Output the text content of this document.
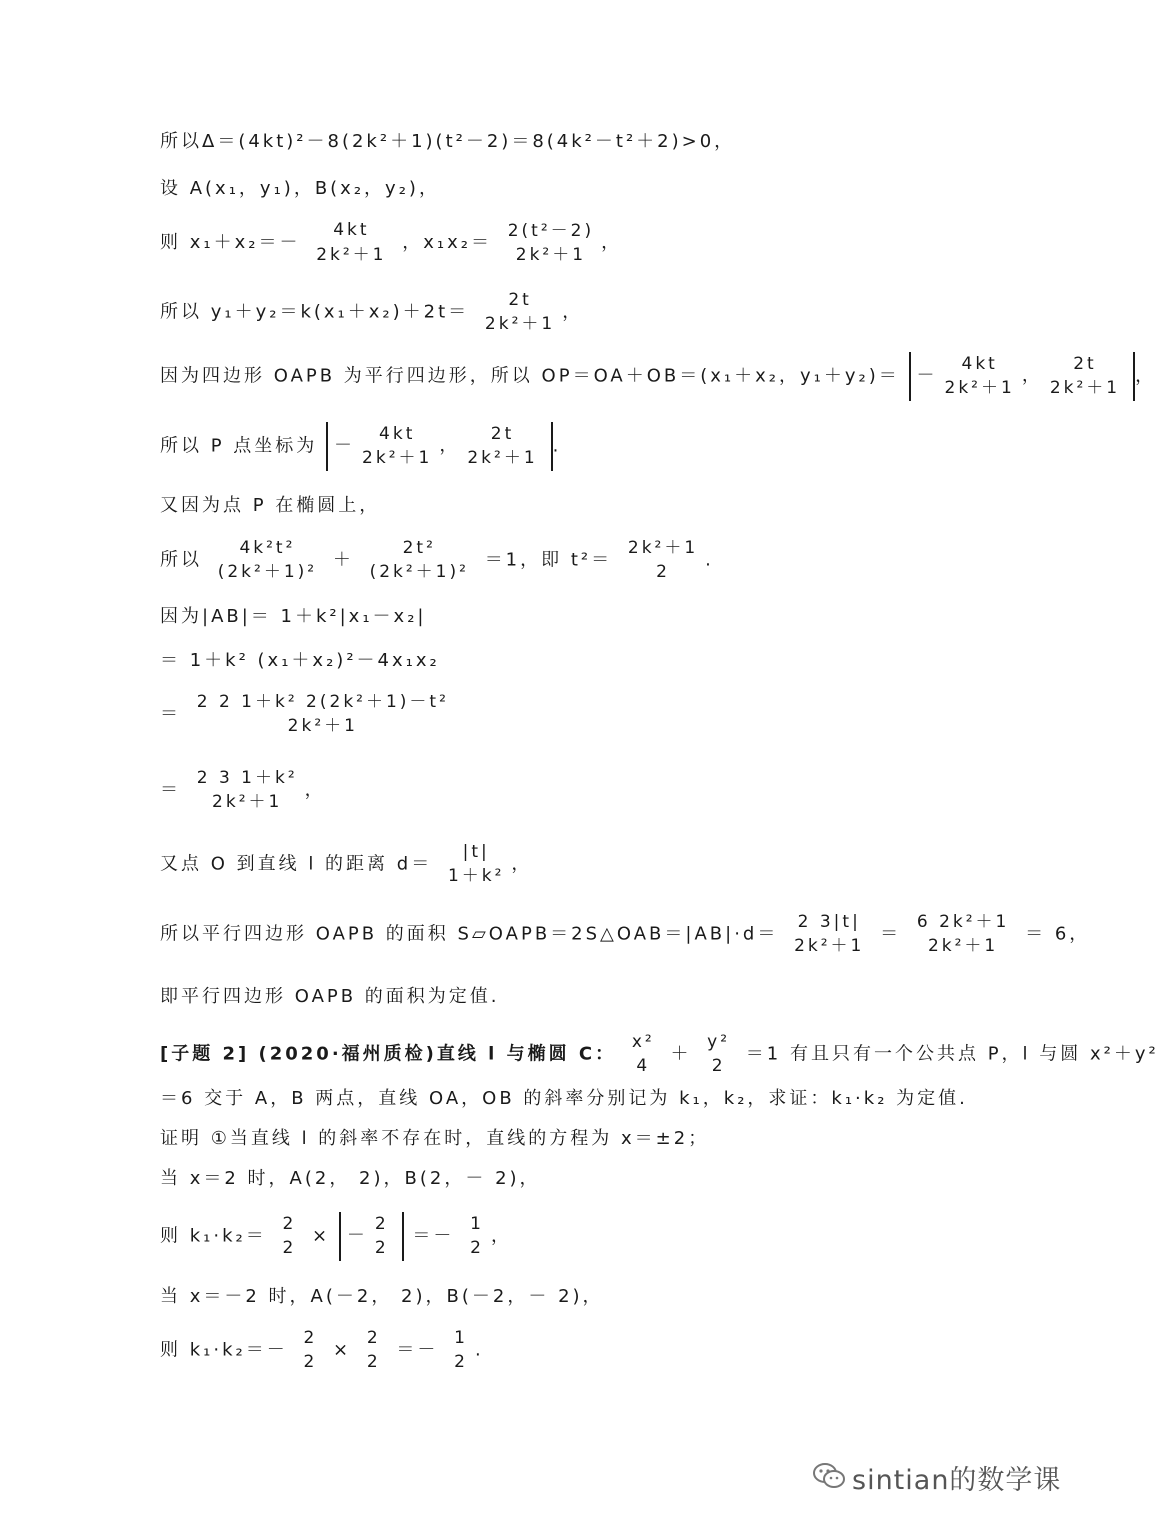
所以Δ＝(4kt)²－8(2k²＋1)(t²－2)＝8(4k²－t²＋2)>0，
设 A(x₁，y₁)，B(x₂，y₂)，
则 x₁＋x₂＝－
4kt
2k²＋1
，x₁x₂＝
2(t²－2)
2k²＋1
，
所以 y₁＋y₂＝k(x₁＋x₂)＋2t＝
2t
2k²＋1
，
因为四边形 OAPB 为平行四边形，所以 OP＝OA＋OB＝(x₁＋x₂，y₁＋y₂)＝ －
4kt
2k²＋1
，
2t
2k²＋1
，
所以 P 点坐标为 －
4kt
2k²＋1
，
2t
2k²＋1
.
又因为点 P 在椭圆上，
所以
4k²t²
(2k²＋1)²
＋
2t²
(2k²＋1)²
＝1，即 t²＝
2k²＋1
2
.
因为|AB|＝ 1＋k²|x₁－x₂|
＝ 1＋k² (x₁＋x₂)²－4x₁x₂
＝
2 2 1＋k² 2(2k²＋1)－t²
2k²＋1
＝
2 3 1＋k²
2k²＋1
，
又点 O 到直线 l 的距离 d＝
|t|
1＋k²
，
所以平行四边形 OAPB 的面积 S▱OAPB＝2S△OAB＝|AB|·d＝
2 3|t|
2k²＋1
＝
6 2k²＋1
2k²＋1
＝ 6，
即平行四边形 OAPB 的面积为定值.
[子题 2] (2020·福州质检)直线 l 与椭圆 C：
x²
4
＋
y²
2
＝1 有且只有一个公共点 P，l 与圆 x²＋y²
＝6 交于 A，B 两点，直线 OA，OB 的斜率分别记为 k₁，k₂，求证：k₁·k₂ 为定值.
证明 ①当直线 l 的斜率不存在时，直线的方程为 x＝±2；
当 x＝2 时，A(2， 2)，B(2，－ 2)，
则 k₁·k₂＝
2
2
× －
2
2
＝－
1
2
，
当 x＝－2 时，A(－2， 2)，B(－2，－ 2)，
则 k₁·k₂＝－
2
2
×
2
2
＝－
1
2
.
sintian的数学课
